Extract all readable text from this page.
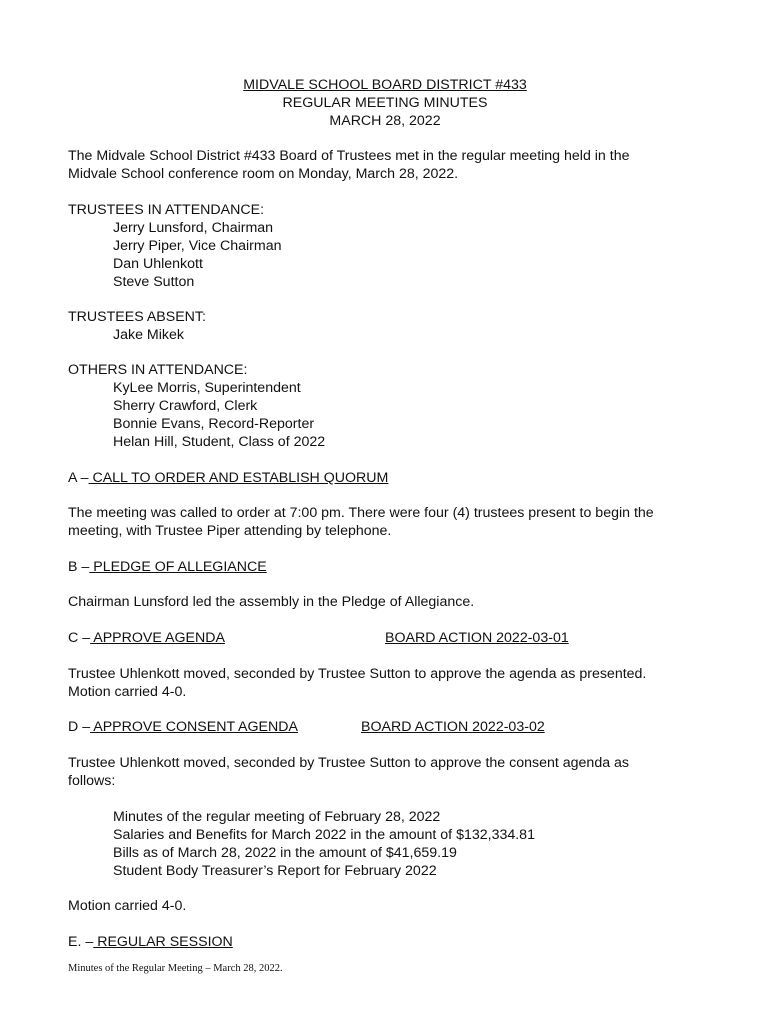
MIDVALE SCHOOL BOARD DISTRICT #433
REGULAR MEETING MINUTES
MARCH 28, 2022
The Midvale School District #433 Board of Trustees met in the regular meeting held in the
Midvale School conference room on Monday, March 28, 2022.
TRUSTEES IN ATTENDANCE:
Jerry Lunsford, Chairman
Jerry Piper, Vice Chairman
Dan Uhlenkott
Steve Sutton
TRUSTEES ABSENT:
Jake Mikek
OTHERS IN ATTENDANCE:
KyLee Morris, Superintendent
Sherry Crawford, Clerk
Bonnie Evans, Record-Reporter
Helan Hill, Student, Class of 2022
A – CALL TO ORDER AND ESTABLISH QUORUM
The meeting was called to order at 7:00 pm. There were four (4) trustees present to begin the
meeting, with Trustee Piper attending by telephone.
B – PLEDGE OF ALLEGIANCE
Chairman Lunsford led the assembly in the Pledge of Allegiance.
C – APPROVE AGENDA	BOARD ACTION 2022-03-01
Trustee Uhlenkott moved, seconded by Trustee Sutton to approve the agenda as presented.
Motion carried 4-0.
D – APPROVE CONSENT AGENDA	BOARD ACTION 2022-03-02
Trustee Uhlenkott moved, seconded by Trustee Sutton to approve the consent agenda as
follows:
Minutes of the regular meeting of February 28, 2022
Salaries and Benefits for March 2022 in the amount of $132,334.81
Bills as of March 28, 2022 in the amount of $41,659.19
Student Body Treasurer’s Report for February 2022
Motion carried 4-0.
E. – REGULAR SESSION
Minutes of the Regular Meeting – March 28, 2022.
